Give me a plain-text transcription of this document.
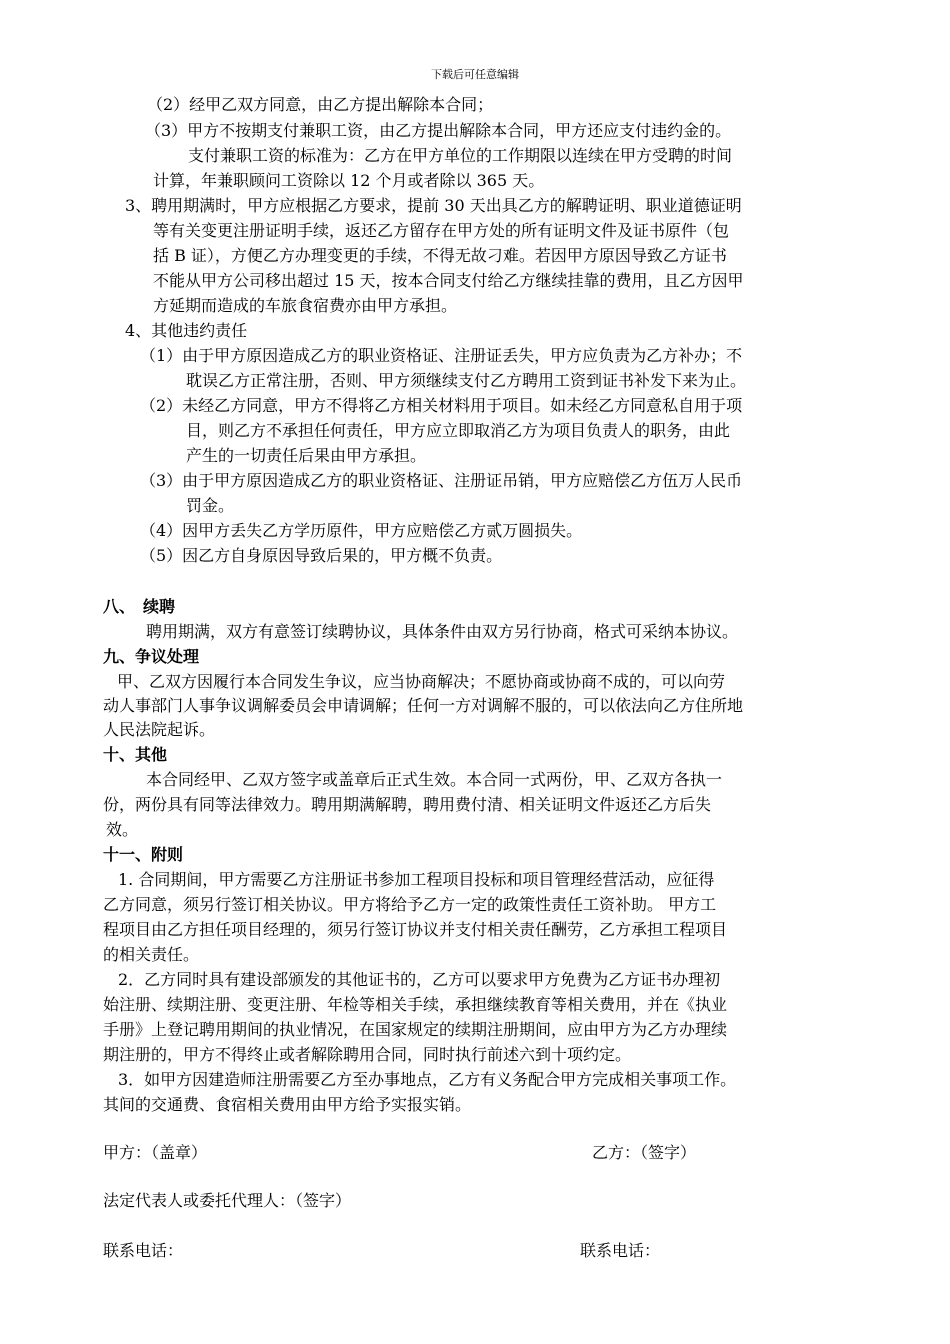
下载后可任意编辑
（2）经甲乙双方同意，由乙方提出解除本合同；
（3）甲方不按期支付兼职工资，由乙方提出解除本合同，甲方还应支付违约金的。
支付兼职工资的标准为：乙方在甲方单位的工作期限以连续在甲方受聘的时间
计算，年兼职顾问工资除以 12 个月或者除以 365 天。
3、聘用期满时，甲方应根据乙方要求，提前 30 天出具乙方的解聘证明、职业道德证明
等有关变更注册证明手续，返还乙方留存在甲方处的所有证明文件及证书原件（包
括 B 证），方便乙方办理变更的手续，不得无故刁难。若因甲方原因导致乙方证书
不能从甲方公司移出超过 15 天，按本合同支付给乙方继续挂靠的费用，且乙方因甲
方延期而造成的车旅食宿费亦由甲方承担。
4、其他违约责任
（1）由于甲方原因造成乙方的职业资格证、注册证丢失，甲方应负责为乙方补办；不
耽误乙方正常注册，否则、甲方须继续支付乙方聘用工资到证书补发下来为止。
（2）未经乙方同意，甲方不得将乙方相关材料用于项目。如未经乙方同意私自用于项
目，则乙方不承担任何责任，甲方应立即取消乙方为项目负责人的职务，由此
产生的一切责任后果由甲方承担。
（3）由于甲方原因造成乙方的职业资格证、注册证吊销，甲方应赔偿乙方伍万人民币
罚金。
（4）因甲方丢失乙方学历原件，甲方应赔偿乙方贰万圆损失。
（5）因乙方自身原因导致后果的，甲方概不负责。
八、　续聘
聘用期满，双方有意签订续聘协议，具体条件由双方另行协商，格式可采纳本协议。
九、争议处理
甲、乙双方因履行本合同发生争议，应当协商解决；不愿协商或协商不成的，可以向劳
动人事部门人事争议调解委员会申请调解；任何一方对调解不服的，可以依法向乙方住所地
人民法院起诉。
十、其他
本合同经甲、乙双方签字或盖章后正式生效。本合同一式两份，甲、乙双方各执一
份，两份具有同等法律效力。聘用期满解聘，聘用费付清、相关证明文件返还乙方后失
效。
十一、附则
1. 合同期间，甲方需要乙方注册证书参加工程项目投标和项目管理经营活动，应征得
乙方同意，须另行签订相关协议。甲方将给予乙方一定的政策性责任工资补助。 甲方工
程项目由乙方担任项目经理的，须另行签订协议并支付相关责任酬劳，乙方承担工程项目
的相关责任。
2．乙方同时具有建设部颁发的其他证书的，乙方可以要求甲方免费为乙方证书办理初
始注册、续期注册、变更注册、年检等相关手续，承担继续教育等相关费用，并在《执业
手册》上登记聘用期间的执业情况，在国家规定的续期注册期间，应由甲方为乙方办理续
期注册的，甲方不得终止或者解除聘用合同，同时执行前述六到十项约定。
3．如甲方因建造师注册需要乙方至办事地点，乙方有义务配合甲方完成相关事项工作。
其间的交通费、食宿相关费用由甲方给予实报实销。
甲方：（盖章）	乙方：（签字）
法定代表人或委托代理人：（签字）
联系电话：	联系电话：
